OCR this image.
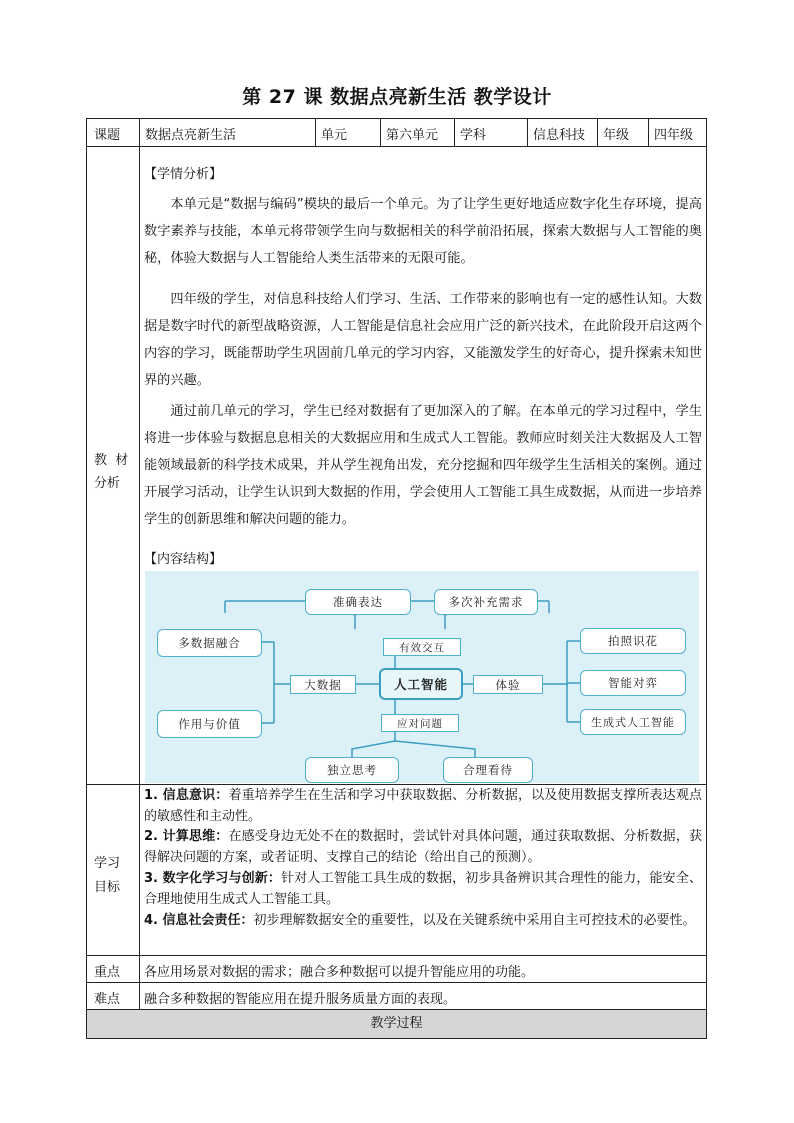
第 27 课 数据点亮新生活 教学设计
课题 数据点亮新生活	单元	第六单元 学科	信息科技 年级 四年级
教  材
分析
【学情分析】
本单元是“数据与编码”模块的最后一个单元。为了让学生更好地适应数字化生存环境，提高数字素养与技能，本单元将带领学生向与数据相关的科学前沿拓展，探索大数据与人工智能的奥秘，体验大数据与人工智能给人类生活带来的无限可能。
四年级的学生，对信息科技给人们学习、生活、工作带来的影响也有一定的感性认知。大数据是数字时代的新型战略资源，人工智能是信息社会应用广泛的新兴技术，在此阶段开启这两个内容的学习，既能帮助学生巩固前几单元的学习内容，又能激发学生的好奇心，提升探索未知世界的兴趣。
通过前几单元的学习，学生已经对数据有了更加深入的了解。在本单元的学习过程中，学生将进一步体验与数据息息相关的大数据应用和生成式人工智能。教师应时刻关注大数据及人工智能领域最新的科学技术成果，并从学生视角出发，充分挖掘和四年级学生生活相关的案例。通过开展学习活动，让学生认识到大数据的作用，学会使用人工智能工具生成数据，从而进一步培养学生的创新思维和解决问题的能力。
【内容结构】
准确表达	多次补充需求
有效交互
多数据融合
作用与价值
大数据	人工智能	体验
拍照识花
智能对弈
生成式人工智能
应对问题
独立思考	合理看待
学习
目标
1. 信息意识：着重培养学生在生活和学习中获取数据、分析数据，以及使用数据支撑所表达观点的敏感性和主动性。
2. 计算思维：在感受身边无处不在的数据时，尝试针对具体问题，通过获取数据、分析数据，获得解决问题的方案，或者证明、支撑自己的结论（给出自己的预测）。
3. 数字化学习与创新：针对人工智能工具生成的数据，初步具备辨识其合理性的能力，能安全、合理地使用生成式人工智能工具。
4. 信息社会责任：初步理解数据安全的重要性，以及在关键系统中采用自主可控技术的必要性。
重点 各应用场景对数据的需求；融合多种数据可以提升智能应用的功能。
难点 融合多种数据的智能应用在提升服务质量方面的表现。
教学过程
